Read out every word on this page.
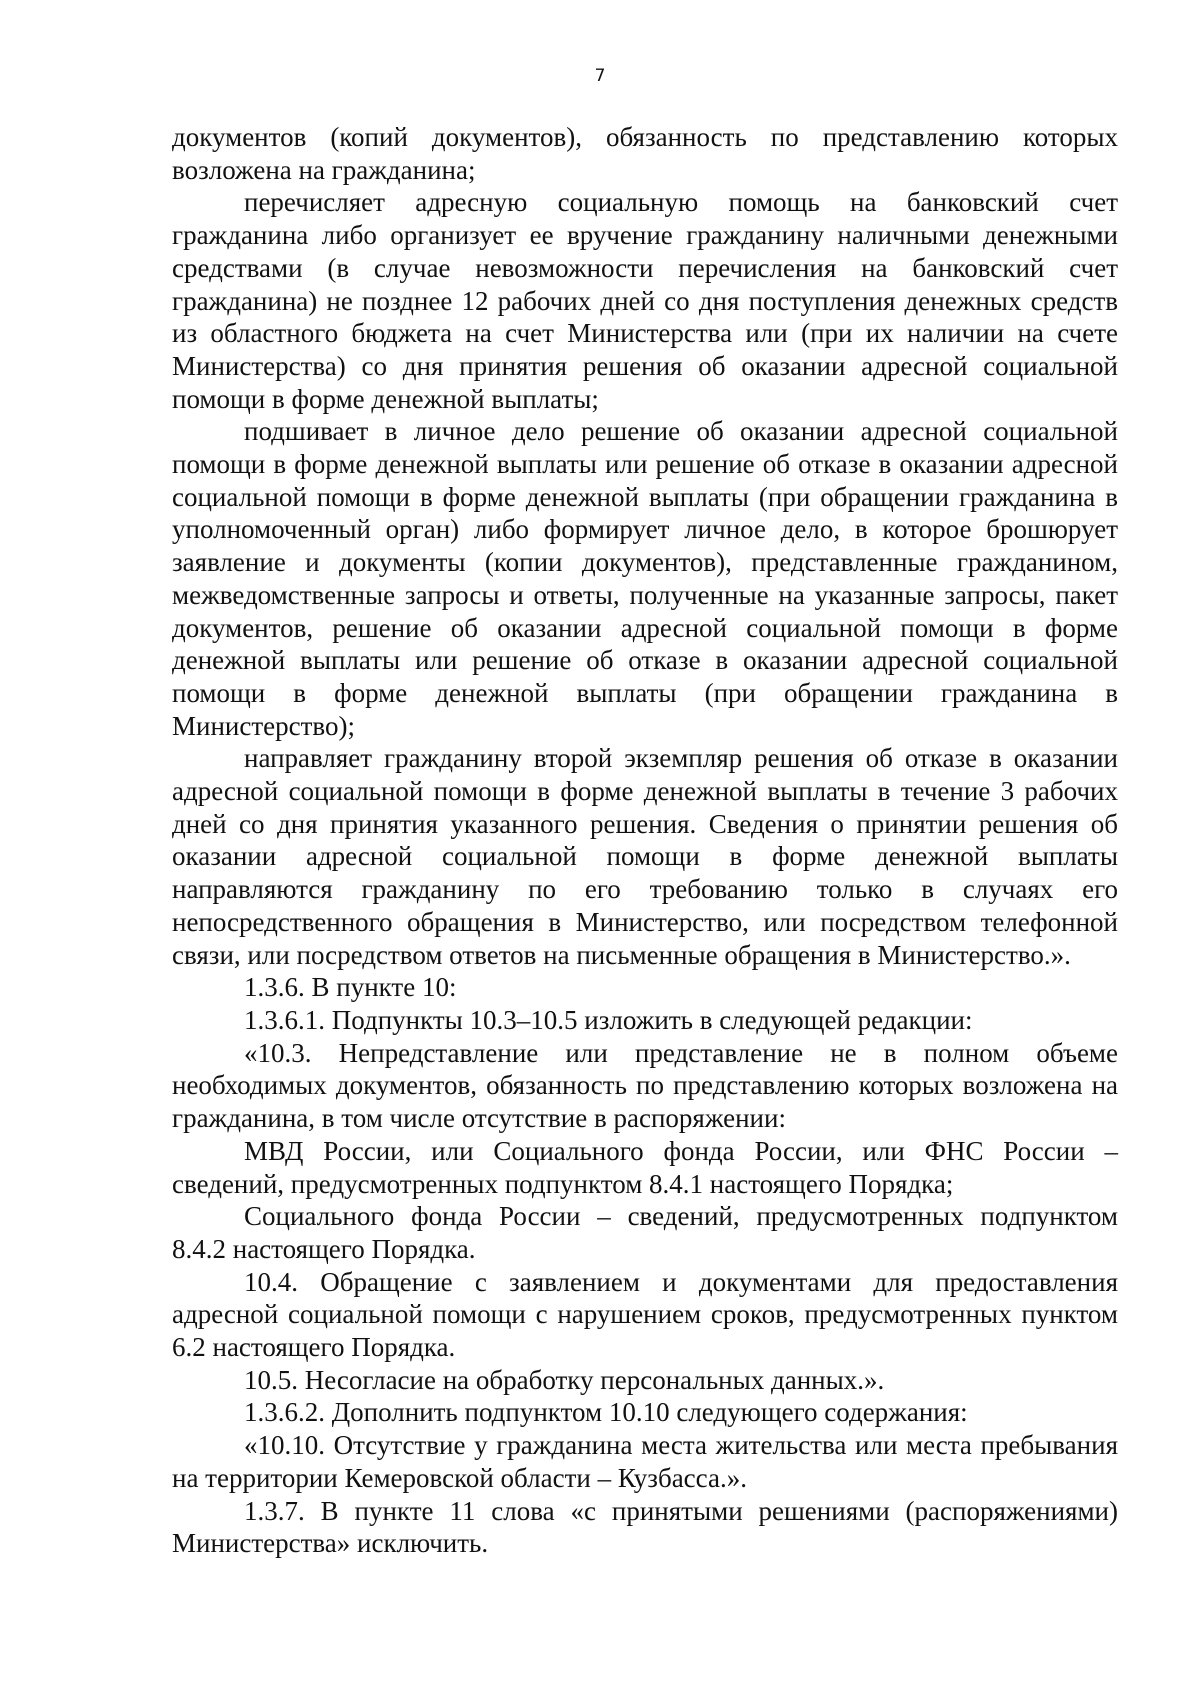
7

документов (копий документов), обязанность по представлению которых возложена на гражданина;

перечисляет адресную социальную помощь на банковский счет гражданина либо организует ее вручение гражданину наличными денежными средствами (в случае невозможности перечисления на банковский счет гражданина) не позднее 12 рабочих дней со дня поступления денежных средств из областного бюджета на счет Министерства или (при их наличии на счете Министерства) со дня принятия решения об оказании адресной социальной помощи в форме денежной выплаты;

подшивает в личное дело решение об оказании адресной социальной помощи в форме денежной выплаты или решение об отказе в оказании адресной социальной помощи в форме денежной выплаты (при обращении гражданина в уполномоченный орган) либо формирует личное дело, в которое брошюрует заявление и документы (копии документов), представленные гражданином, межведомственные запросы и ответы, полученные на указанные запросы, пакет документов, решение об оказании адресной социальной помощи в форме денежной выплаты или решение об отказе в оказании адресной социальной помощи в форме денежной выплаты (при обращении гражданина в Министерство);

направляет гражданину второй экземпляр решения об отказе в оказании адресной социальной помощи в форме денежной выплаты в течение 3 рабочих дней со дня принятия указанного решения. Сведения о принятии решения об оказании адресной социальной помощи в форме денежной выплаты направляются гражданину по его требованию только в случаях его непосредственного обращения в Министерство, или посредством телефонной связи, или посредством ответов на письменные обращения в Министерство.».

1.3.6. В пункте 10:

1.3.6.1. Подпункты 10.3–10.5 изложить в следующей редакции:

«10.3. Непредставление или представление не в полном объеме необходимых документов, обязанность по представлению которых возложена на гражданина, в том числе отсутствие в распоряжении:

МВД России, или Социального фонда России, или ФНС России – сведений, предусмотренных подпунктом 8.4.1 настоящего Порядка;

Социального фонда России – сведений, предусмотренных подпунктом 8.4.2 настоящего Порядка.

10.4. Обращение с заявлением и документами для предоставления адресной социальной помощи с нарушением сроков, предусмотренных пунктом 6.2 настоящего Порядка.

10.5. Несогласие на обработку персональных данных.».

1.3.6.2. Дополнить подпунктом 10.10 следующего содержания:

«10.10. Отсутствие у гражданина места жительства или места пребывания на территории Кемеровской области – Кузбасса.».

1.3.7. В пункте 11 слова «с принятыми решениями (распоряжениями) Министерства» исключить.
